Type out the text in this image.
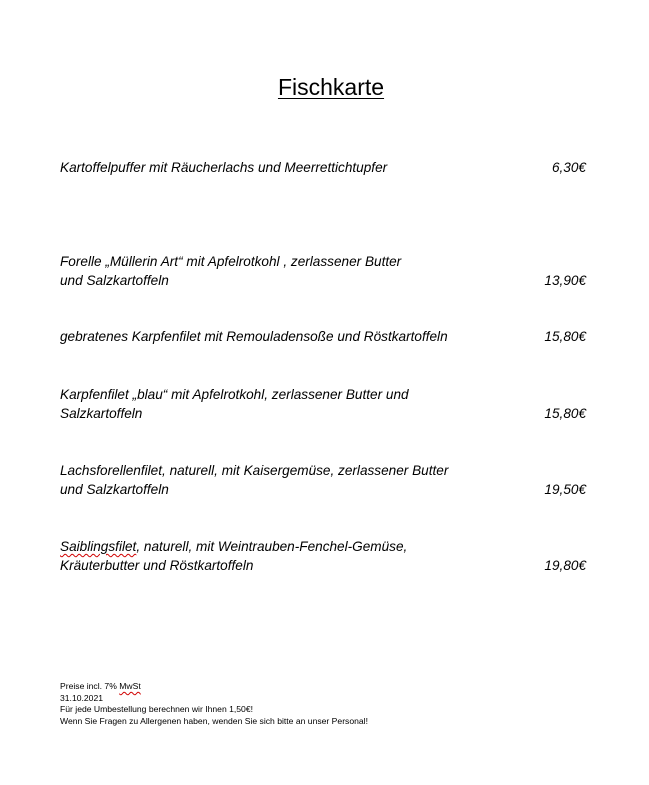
Fischkarte
Kartoffelpuffer mit Räucherlachs und Meerrettichtupfer	6,30€
Forelle „Müllerin Art“ mit Apfelrotkohl , zerlassener Butter
und Salzkartoffeln	13,90€
gebratenes Karpfenfilet mit Remouladensoße und Röstkartoffeln	15,80€
Karpfenfilet „blau“ mit Apfelrotkohl, zerlassener Butter und
Salzkartoffeln	15,80€
Lachsforellenfilet, naturell, mit Kaisergemüse, zerlassener Butter
und Salzkartoffeln	19,50€
Saiblingsfilet, naturell, mit Weintrauben-Fenchel-Gemüse,
Kräuterbutter und Röstkartoffeln	19,80€
Preise incl. 7% MwSt
31.10.2021
Für jede Umbestellung berechnen wir Ihnen 1,50€!
Wenn Sie Fragen zu Allergenen haben, wenden Sie sich bitte an unser Personal!
